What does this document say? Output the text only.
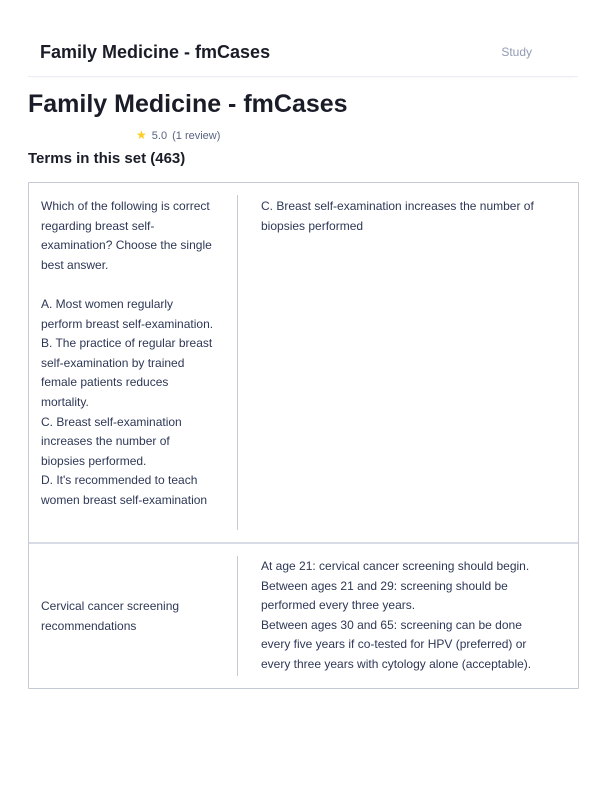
Family Medicine - fmCases	Study
Family Medicine - fmCases
★ 5.0 (1 review)
Terms in this set (463)
Which of the following is correct regarding breast self-examination? Choose the single best answer.

A. Most women regularly perform breast self-examination.
B. The practice of regular breast self-examination by trained female patients reduces mortality.
C. Breast self-examination increases the number of biopsies performed.
D. It's recommended to teach women breast self-examination
C. Breast self-examination increases the number of biopsies performed
Cervical cancer screening recommendations
At age 21: cervical cancer screening should begin.
Between ages 21 and 29: screening should be performed every three years.
Between ages 30 and 65: screening can be done every five years if co-tested for HPV (preferred) or every three years with cytology alone (acceptable).
